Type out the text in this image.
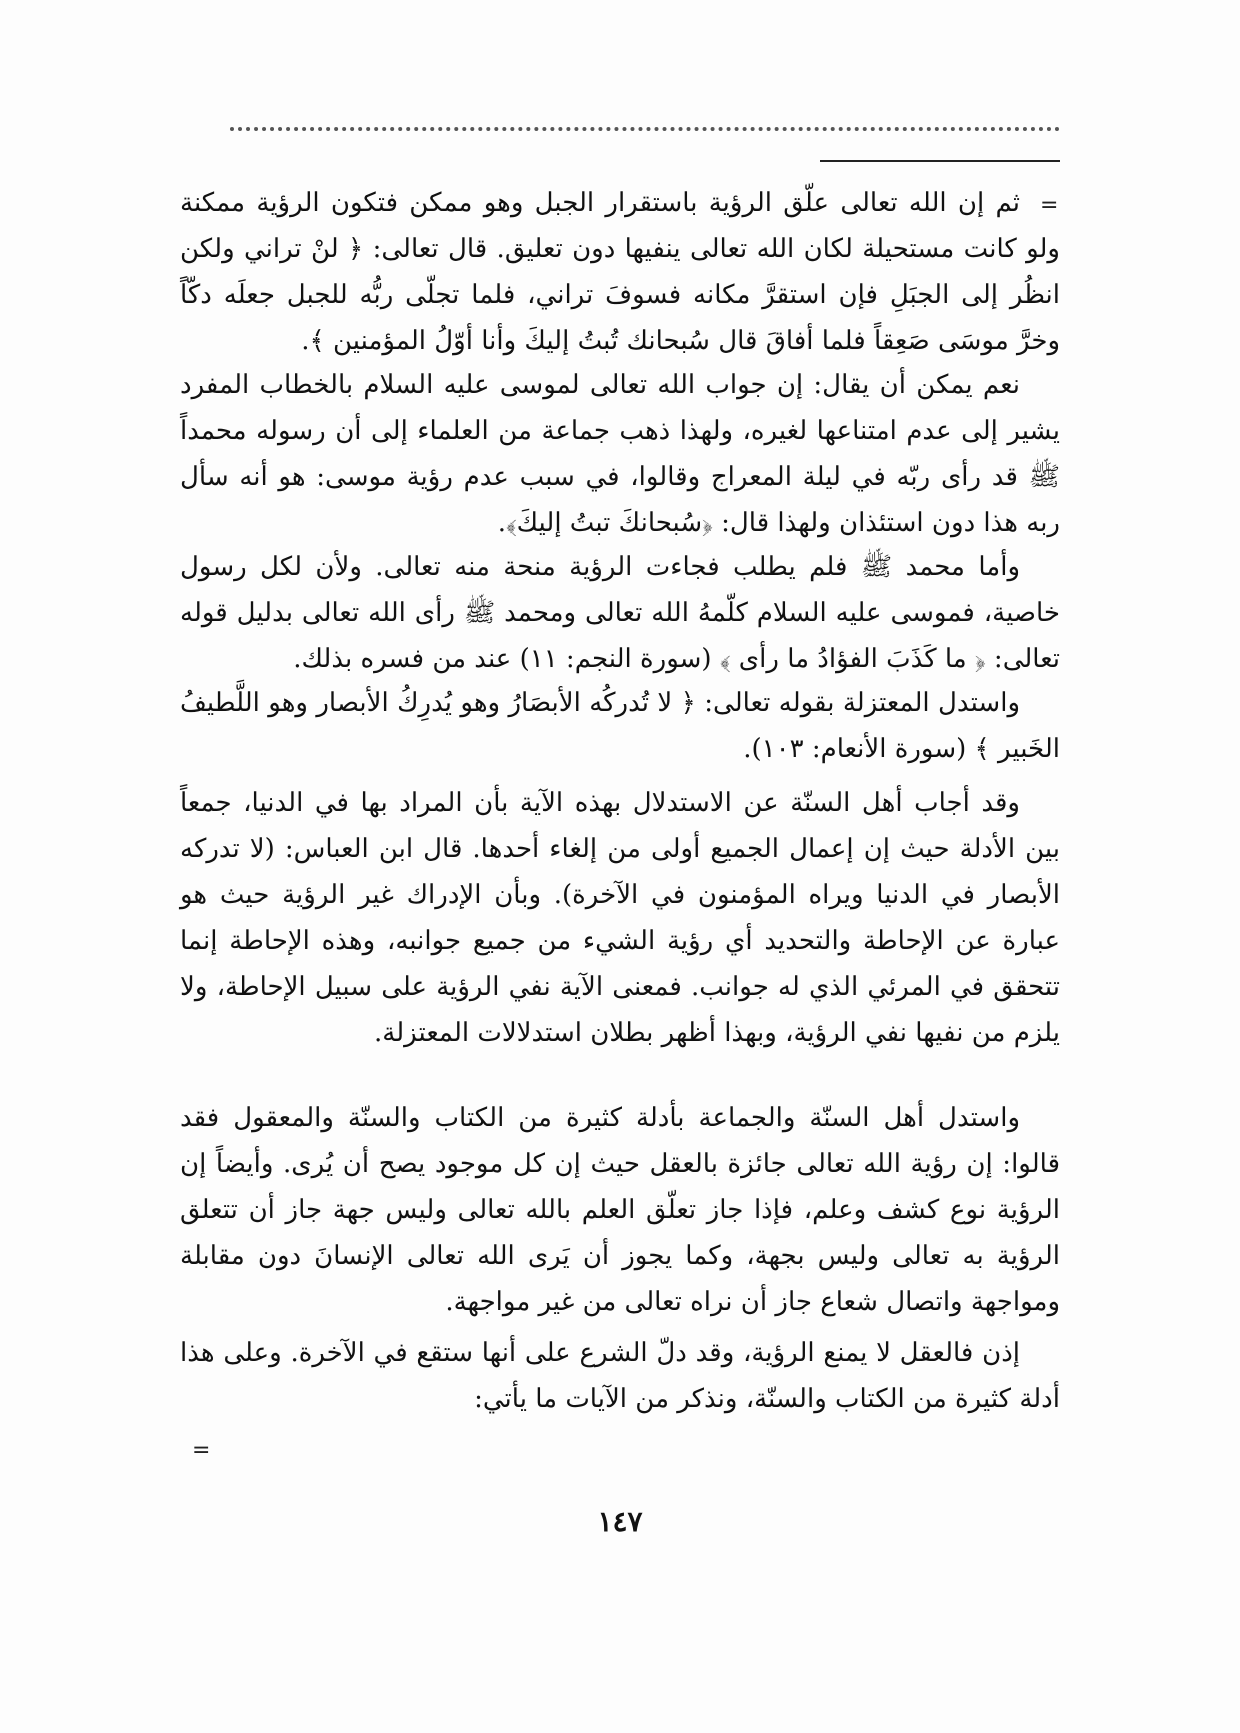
=

ثم إن الله تعالى علّق الرؤية باستقرار الجبل وهو ممكن فتكون الرؤية ممكنة ولو كانت مستحيلة لكان الله تعالى ينفيها دون تعليق. قال تعالى: ﴿ لنْ تراني ولكن انظُر إلى الجبَلِ فإن استقرَّ مكانه فسوفَ تراني، فلما تجلّى ربُّه للجبل جعلَه دكّاً وخرَّ موسَى صَعِقاً فلما أفاقَ قال سُبحانك تُبتُ إليكَ وأنا أوّلُ المؤمنين ﴾.

نعم يمكن أن يقال: إن جواب الله تعالى لموسى عليه السلام بالخطاب المفرد يشير إلى عدم امتناعها لغيره، ولهذا ذهب جماعة من العلماء إلى أن رسوله محمداً ﷺ قد رأى ربّه في ليلة المعراج وقالوا، في سبب عدم رؤية موسى: هو أنه سأل ربه هذا دون استئذان ولهذا قال: ﴿سُبحانكَ تبتُ إليكَ﴾.

وأما محمد ﷺ فلم يطلب فجاءت الرؤية منحة منه تعالى. ولأن لكل رسول خاصية، فموسى عليه السلام كلّمهُ الله تعالى ومحمد ﷺ رأى الله تعالى بدليل قوله تعالى: ﴿ ما كَذَبَ الفؤادُ ما رأى ﴾ (سورة النجم: ١١) عند من فسره بذلك.

واستدل المعتزلة بقوله تعالى: ﴿ لا تُدركُه الأبصَارُ وهو يُدرِكُ الأبصار وهو اللَّطيفُ الخَبير ﴾ (سورة الأنعام: ١٠٣).

وقد أجاب أهل السنّة عن الاستدلال بهذه الآية بأن المراد بها في الدنيا، جمعاً بين الأدلة حيث إن إعمال الجميع أولى من إلغاء أحدها. قال ابن العباس: (لا تدركه الأبصار في الدنيا ويراه المؤمنون في الآخرة). وبأن الإدراك غير الرؤية حيث هو عبارة عن الإحاطة والتحديد أي رؤية الشيء من جميع جوانبه، وهذه الإحاطة إنما تتحقق في المرئي الذي له جوانب. فمعنى الآية نفي الرؤية على سبيل الإحاطة، ولا يلزم من نفيها نفي الرؤية، وبهذا أظهر بطلان استدلالات المعتزلة.

واستدل أهل السنّة والجماعة بأدلة كثيرة من الكتاب والسنّة والمعقول فقد قالوا: إن رؤية الله تعالى جائزة بالعقل حيث إن كل موجود يصح أن يُرى. وأيضاً إن الرؤية نوع كشف وعلم، فإذا جاز تعلّق العلم بالله تعالى وليس جهة جاز أن تتعلق الرؤية به تعالى وليس بجهة، وكما يجوز أن يَرى الله تعالى الإنسانَ دون مقابلة ومواجهة واتصال شعاع جاز أن نراه تعالى من غير مواجهة.

إذن فالعقل لا يمنع الرؤية، وقد دلّ الشرع على أنها ستقع في الآخرة. وعلى هذا أدلة كثيرة من الكتاب والسنّة، ونذكر من الآيات ما يأتي:

=
١٤٧
